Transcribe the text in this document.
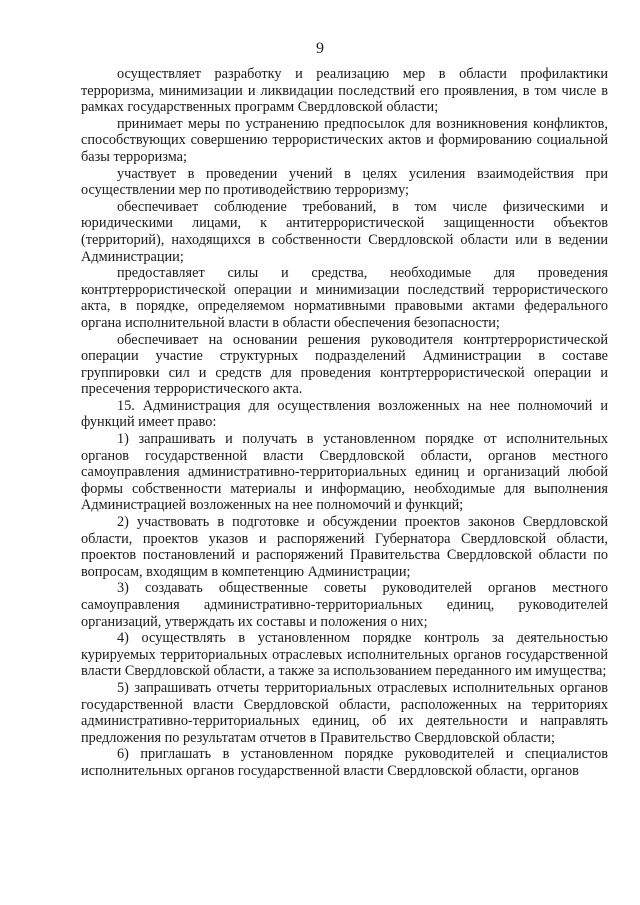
9

осуществляет разработку и реализацию мер в области профилактики терроризма, минимизации и ликвидации последствий его проявления, в том числе в рамках государственных программ Свердловской области;

принимает меры по устранению предпосылок для возникновения конфликтов, способствующих совершению террористических актов и формированию социальной базы терроризма;

участвует в проведении учений в целях усиления взаимодействия при осуществлении мер по противодействию терроризму;

обеспечивает соблюдение требований, в том числе физическими и юридическими лицами, к антитеррористической защищенности объектов (территорий), находящихся в собственности Свердловской области или в ведении Администрации;

предоставляет силы и средства, необходимые для проведения контртеррористической операции и минимизации последствий террористического акта, в порядке, определяемом нормативными правовыми актами федерального органа исполнительной власти в области обеспечения безопасности;

обеспечивает на основании решения руководителя контртеррористической операции участие структурных подразделений Администрации в составе группировки сил и средств для проведения контртеррористической операции и пресечения террористического акта.

15. Администрация для осуществления возложенных на нее полномочий и функций имеет право:

1) запрашивать и получать в установленном порядке от исполнительных органов государственной власти Свердловской области, органов местного самоуправления административно-территориальных единиц и организаций любой формы собственности материалы и информацию, необходимые для выполнения Администрацией возложенных на нее полномочий и функций;

2) участвовать в подготовке и обсуждении проектов законов Свердловской области, проектов указов и распоряжений Губернатора Свердловской области, проектов постановлений и распоряжений Правительства Свердловской области по вопросам, входящим в компетенцию Администрации;

3) создавать общественные советы руководителей органов местного самоуправления административно-территориальных единиц, руководителей организаций, утверждать их составы и положения о них;

4) осуществлять в установленном порядке контроль за деятельностью курируемых территориальных отраслевых исполнительных органов государственной власти Свердловской области, а также за использованием переданного им имущества;

5) запрашивать отчеты территориальных отраслевых исполнительных органов государственной власти Свердловской области, расположенных на территориях административно-территориальных единиц, об их деятельности и направлять предложения по результатам отчетов в Правительство Свердловской области;

6) приглашать в установленном порядке руководителей и специалистов исполнительных органов государственной власти Свердловской области, органов
